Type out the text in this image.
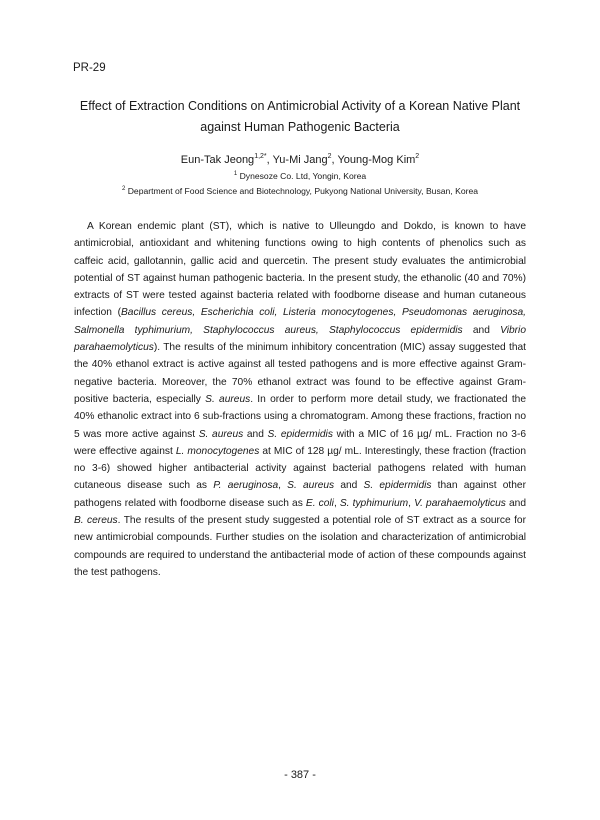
PR-29
Effect of Extraction Conditions on Antimicrobial Activity of a Korean Native Plant
against Human Pathogenic Bacteria
Eun-Tak Jeong$^{1,2*}$, Yu-Mi Jang$^2$, Young-Mog Kim$^2$
$^1$ Dynesoze Co. Ltd, Yongin, Korea
$^2$ Department of Food Science and Biotechnology, Pukyong National University, Busan, Korea

A Korean endemic plant (ST), which is native to Ulleungdo and Dokdo, is known to have antimicrobial, antioxidant and whitening functions owing to high contents of phenolics such as caffeic acid, gallotannin, gallic acid and quercetin. The present study evaluates the antimicrobial potential of ST against human pathogenic bacteria. In the present study, the ethanolic (40 and 70%) extracts of ST were tested against bacteria related with foodborne disease and human cutaneous infection (Bacillus cereus, Escherichia coli, Listeria monocytogenes, Pseudomonas aeruginosa, Salmonella typhimurium, Staphylococcus aureus, Staphylococcus epidermidis and Vibrio parahaemolyticus). The results of the minimum inhibitory concentration (MIC) assay suggested that the 40% ethanol extract is active against all tested pathogens and is more effective against Gram-negative bacteria. Moreover, the 70% ethanol extract was found to be effective against Gram-positive bacteria, especially S. aureus. In order to perform more detail study, we fractionated the 40% ethanolic extract into 6 sub-fractions using a chromatogram. Among these fractions, fraction no 5 was more active against S. aureus and S. epidermidis with a MIC of 16 µg/ mL. Fraction no 3-6 were effective against L. monocytogenes at MIC of 128 µg/ mL. Interestingly, these fraction (fraction no 3-6) showed higher antibacterial activity against bacterial pathogens related with human cutaneous disease such as P. aeruginosa, S. aureus and S. epidermidis than against other pathogens related with foodborne disease such as E. coli, S. typhimurium, V. parahaemolyticus and B. cereus. The results of the present study suggested a potential role of ST extract as a source for new antimicrobial compounds. Further studies on the isolation and characterization of antimicrobial compounds are required to understand the antibacterial mode of action of these compounds against the test pathogens.

- 387 -
